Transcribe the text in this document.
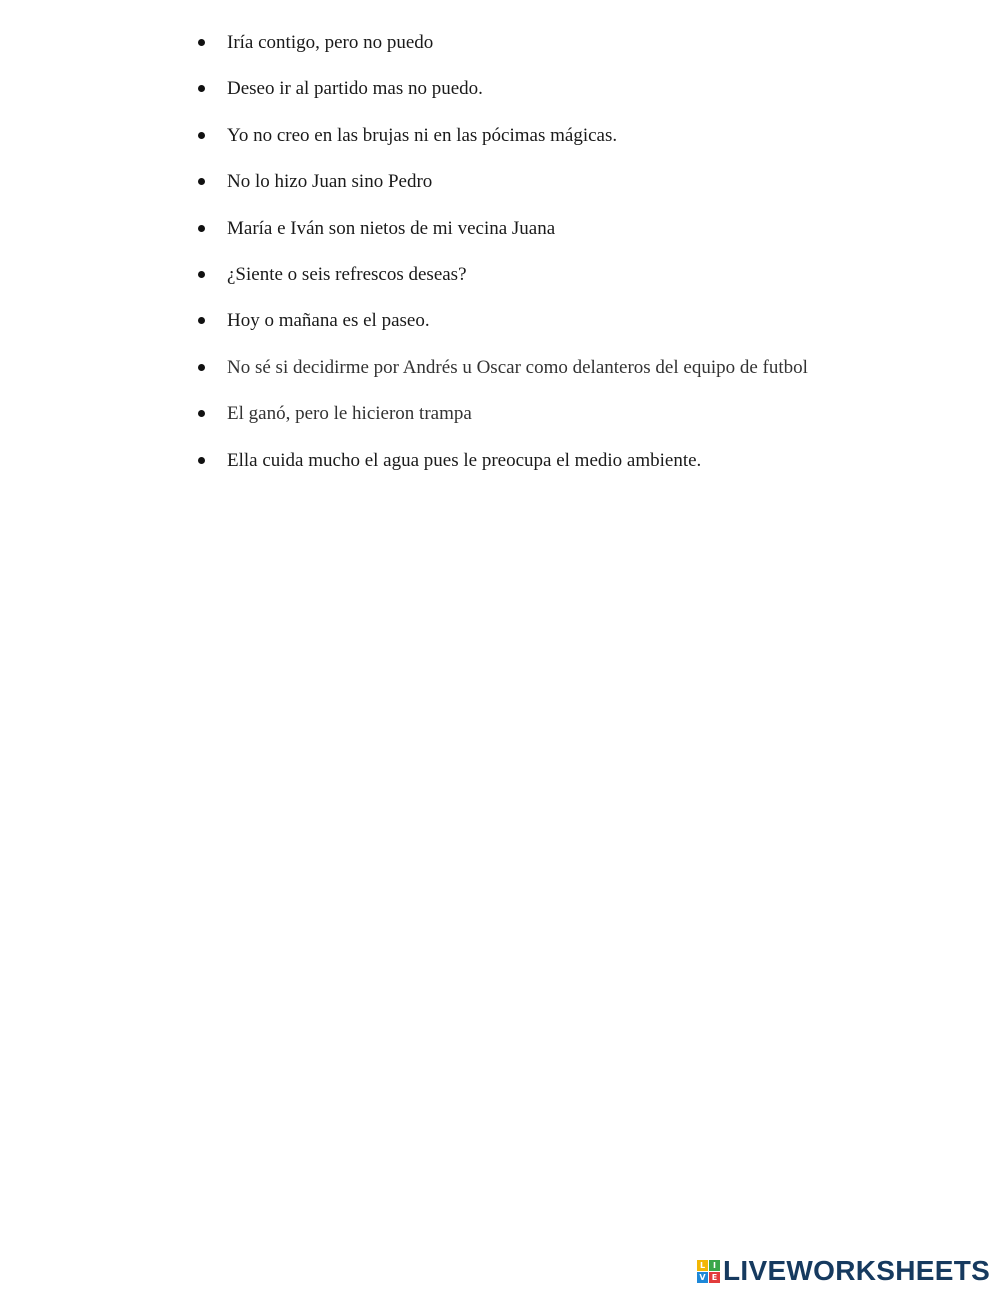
Iría contigo, pero no puedo
Deseo ir al partido mas no puedo.
Yo no creo en las brujas ni en las pócimas mágicas.
No lo hizo Juan sino Pedro
María e Iván son nietos de mi vecina Juana
¿Siente o seis refrescos deseas?
Hoy o mañana es el paseo.
No sé si decidirme por Andrés u Oscar como delanteros del equipo de futbol
El ganó, pero le hicieron trampa
Ella cuida mucho el agua pues le preocupa el medio ambiente.
L I
V E LIVEWORKSHEETS
